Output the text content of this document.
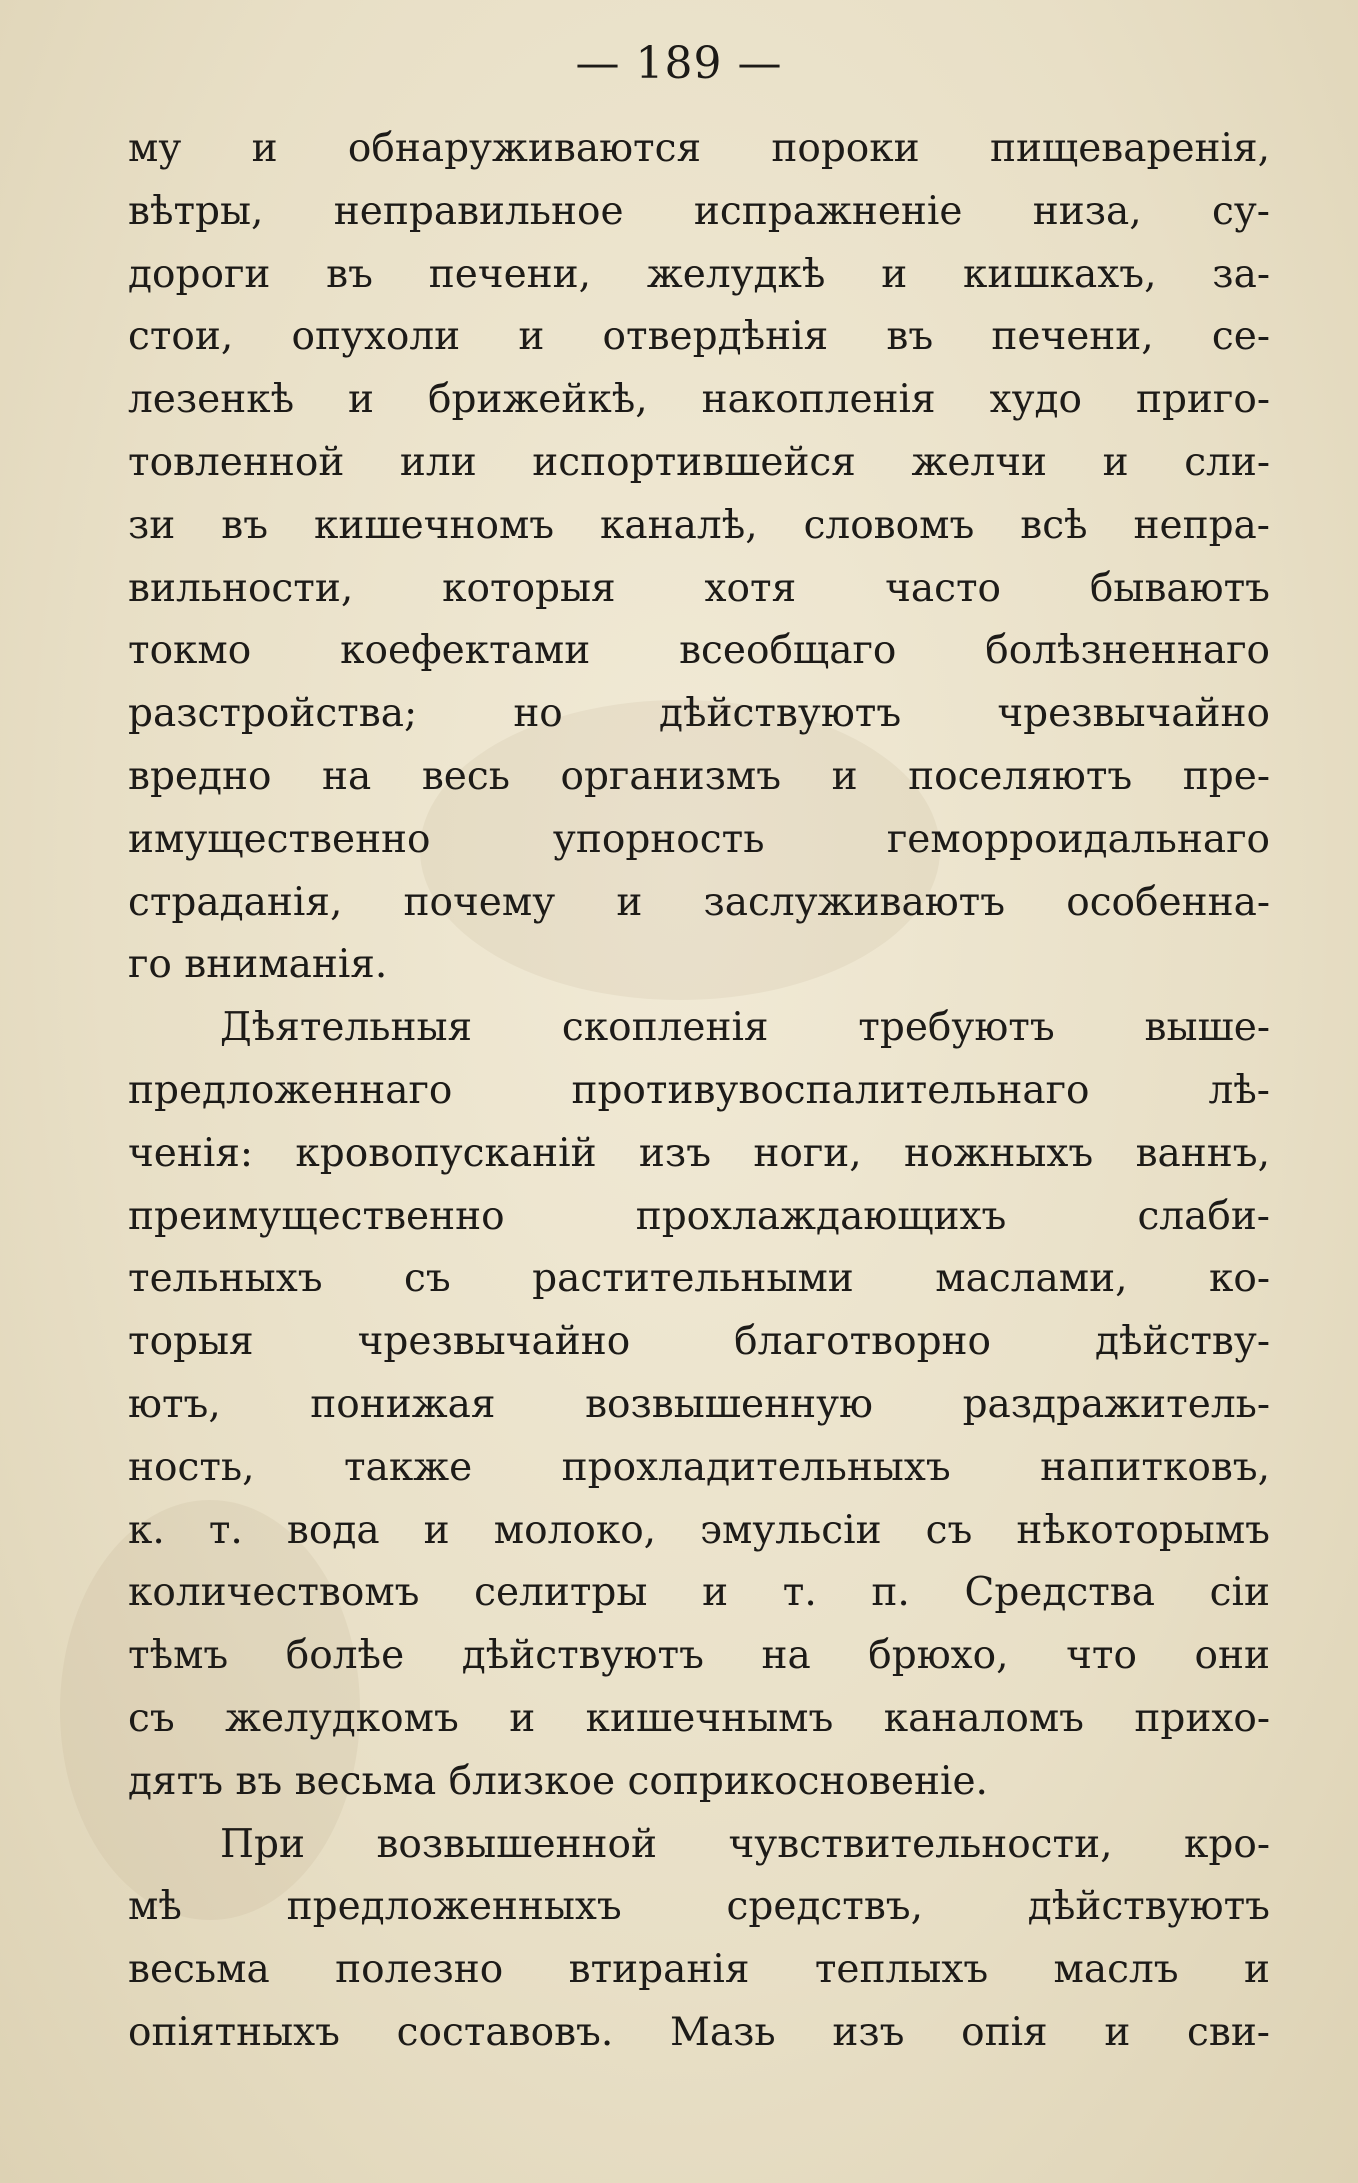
— 189 —
му и обнаруживаются пороки пищеваренія,
вѣтры, неправильное испражненіе низа, су-
дороги въ печени, желудкѣ и кишкахъ, за-
стои, опухоли и отвердѣнія въ печени, се-
лезенкѣ и брижейкѣ, накопленія худо приго-
товленной или испортившейся желчи и сли-
зи въ кишечномъ каналѣ, словомъ всѣ непра-
вильности, которыя хотя часто бываютъ
токмо коефектами всеобщаго болѣзненнаго
разстройства; но дѣйствуютъ чрезвычайно
вредно на весь организмъ и поселяютъ пре-
имущественно упорность геморроидальнаго
страданія, почему и заслуживаютъ особенна-
го вниманія.
Дѣятельныя скопленія требуютъ выше-
предложеннаго противувоспалительнаго лѣ-
ченія: кровопусканій изъ ноги, ножныхъ ваннъ,
преимущественно прохлаждающихъ слаби-
тельныхъ съ растительными маслами, ко-
торыя чрезвычайно благотворно дѣйству-
ютъ, понижая возвышенную раздражитель-
ность, также прохладительныхъ напитковъ,
к. т. вода и молоко, эмульсіи съ нѣкоторымъ
количествомъ селитры и т. п. Средства сіи
тѣмъ болѣе дѣйствуютъ на брюхо, что они
съ желудкомъ и кишечнымъ каналомъ прихо-
дятъ въ весьма близкое соприкосновеніе.
При возвышенной чувствительности, кро-
мѣ предложенныхъ средствъ, дѣйствуютъ
весьма полезно втиранія теплыхъ маслъ и
опіятныхъ составовъ. Мазь изъ опія и сви-
